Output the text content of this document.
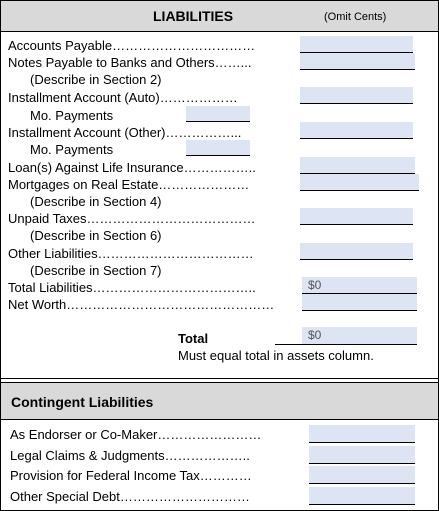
LIABILITIES	(Omit Cents)
Accounts Payable……………………………
Notes Payable to Banks and Others……...
(Describe in Section 2)
Installment Account (Auto)………………
Mo. Payments
Installment Account (Other)……………...
Mo. Payments
Loan(s) Against Life Insurance……………..
Mortgages on Real Estate…………………
(Describe in Section 4)
Unpaid Taxes…………………………………
(Describe in Section 6)
Other Liabilities………………………………
(Describe in Section 7)
Total Liabilities………………………………..	$0
Net Worth…………………………………………
Total	$0
Must equal total in assets column.
Contingent Liabilities
As Endorser or Co-Maker……………………
Legal Claims & Judgments………………..
Provision for Federal Income Tax…………
Other Special Debt…………………………
